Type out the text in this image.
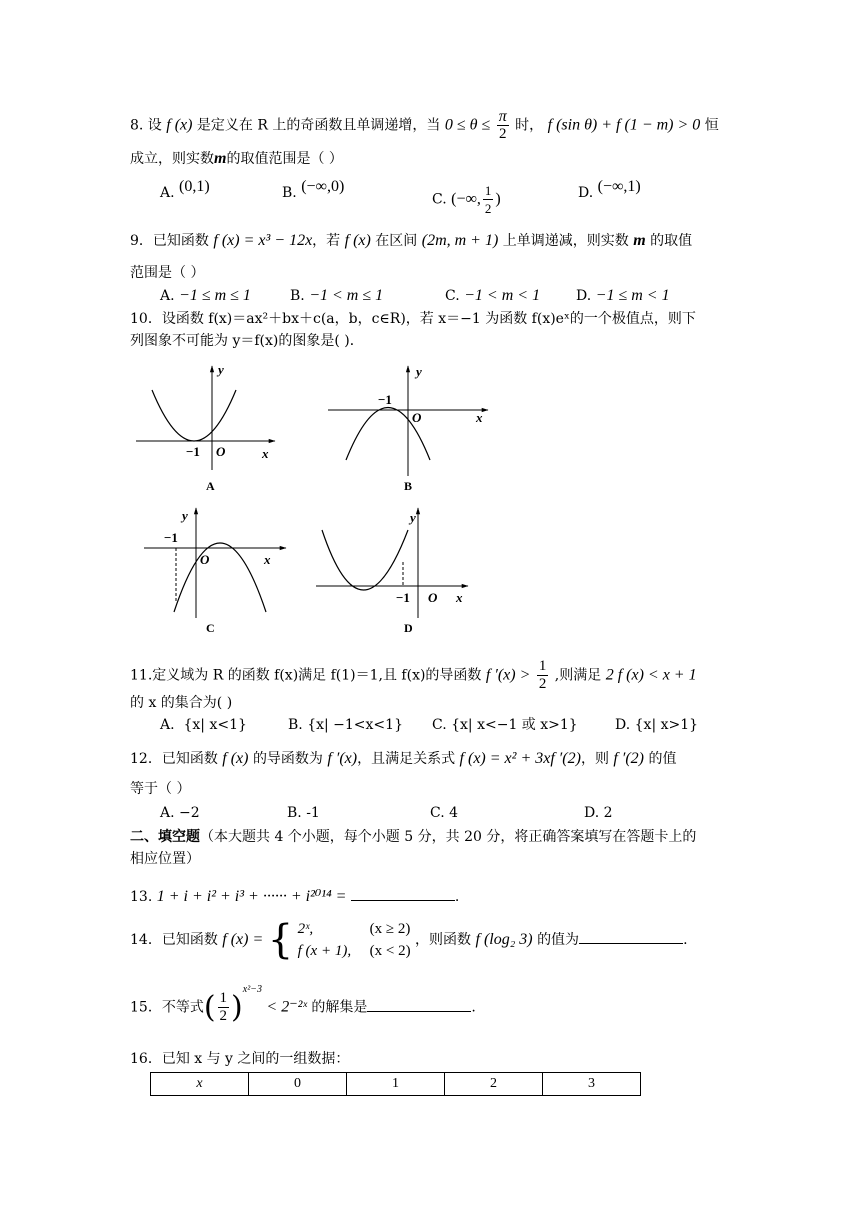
8. 设 f (x) 是定义在 R 上的奇函数且单调递增，当 $0 \le \theta \le \frac{\pi}{2}$ 时， f (sin θ) + f (1 − m) > 0 恒
成立，则实数m的取值范围是（ ）
A. (0,1)	B. (−∞,0)
C. (−∞, $\frac{1}{2}$ )	D. (−∞,1)
9．已知函数 f (x) = x³ − 12x，若 f (x) 在区间 (2m, m + 1) 上单调递减，则实数 m 的取值
范围是（ ）
A. −1 ≤ m ≤ 1	B. −1 < m ≤ 1	C. −1 < m < 1	D. −1 ≤ m < 1
10．设函数 f(x)＝ax²＋bx＋c(a，b，c∈R)，若 x＝−1 为函数 f(x)eˣ的一个极值点，则下
列图象不可能为 y＝f(x)的图象是( )．
y
x
O
−1
A
y
x
O
−1
B
y
x
O
−1
C
y
x
O
−1
D
11.定义域为 R 的函数 f(x)满足 f(1)＝1,且 f(x)的导函数 f $'(x) > \frac{1}{2}$ ,则满足 2 f (x) < x + 1
的 x 的集合为( )
A. {x| x<1}	B. {x| −1<x<1} C. {x| x<−1 或 x>1}	D. {x| x>1}
12．已知函数 f (x) 的导函数为 f ′(x)，且满足关系式 f (x) = x² + 3xf ′(2)，则 f ′(2) 的值
等于（ ）
A. −2	B. -1	C. 4	D. 2
二、填空题（本大题共 4 个小题，每个小题 5 分，共 20 分，将正确答案填写在答题卡上的
相应位置）
13. 1 + i + i² + i³ + ······ + i²⁰¹⁴ =	.
14．已知函数 f (x) = { 2ˣ,	(x ≥ 2)
f (x + 1), (x < 2)
，则函数 f (log₂ 3) 的值为	.
15．不等式( $\frac{1}{2} )^{x^2-3}$ < 2⁻²ˣ 的解集是	.
16．已知 x 与 y 之间的一组数据：
x	0	1	2	3
